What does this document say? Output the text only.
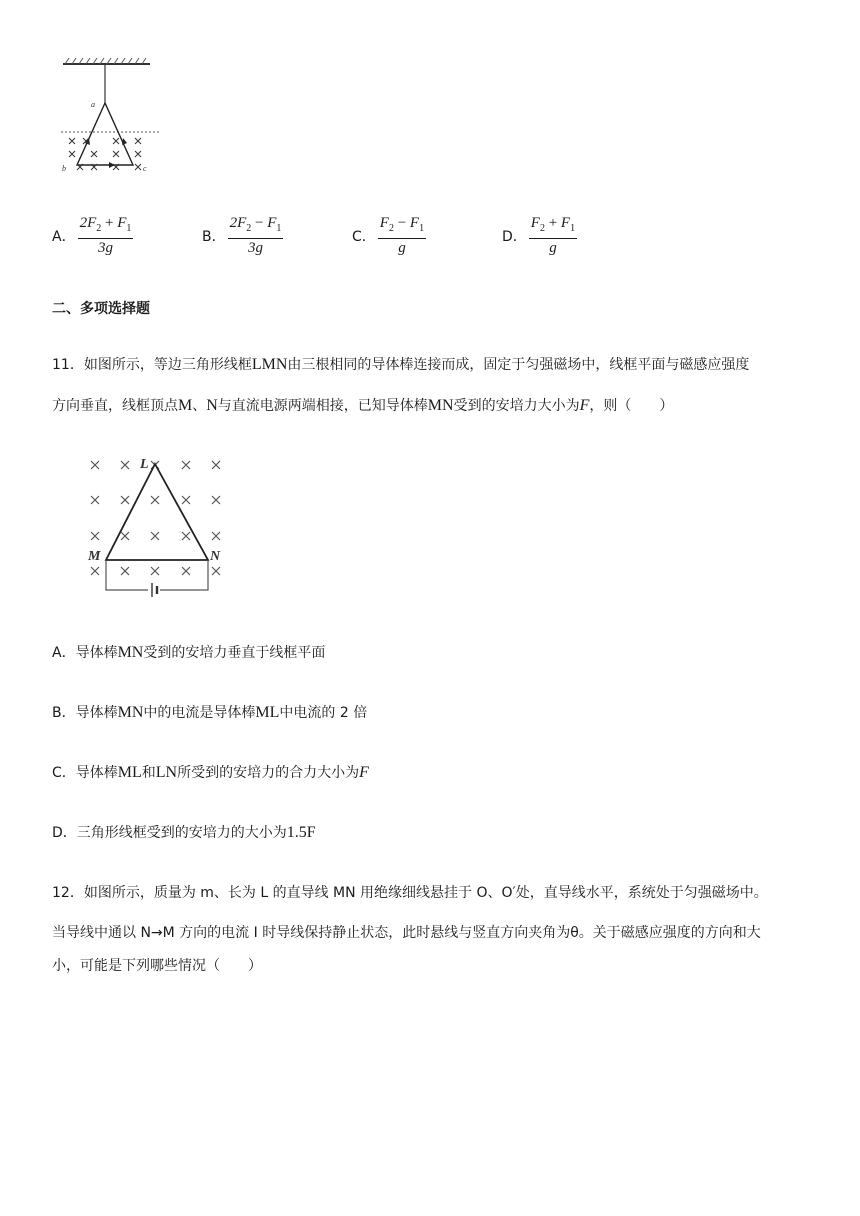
a
b	c
A． $\frac{2F_2 + F_1}{3g}$	B． $\frac{2F_2 - F_1}{3g}$	C． $\frac{F_2 - F_1}{g}$	D． $\frac{F_2 + F_1}{g}$
二、多项选择题
11．如图所示，等边三角形线框LMN由三根相同的导体棒连接而成，固定于匀强磁场中，线框平面与磁感应强度
方向垂直，线框顶点M、N与直流电源两端相接，已知导体棒MN受到的安培力大小为F，则（　　）
L
M	N
A．导体棒MN受到的安培力垂直于线框平面
B．导体棒MN中的电流是导体棒ML中电流的 2 倍
C．导体棒ML和LN所受到的安培力的合力大小为F
D．三角形线框受到的安培力的大小为1.5F
12．如图所示，质量为 m、长为 L 的直导线 MN 用绝缘细线悬挂于 O、O′处，直导线水平，系统处于匀强磁场中。
当导线中通以 N→M 方向的电流 I 时导线保持静止状态，此时悬线与竖直方向夹角为θ。关于磁感应强度的方向和大
小，可能是下列哪些情况（　　）
